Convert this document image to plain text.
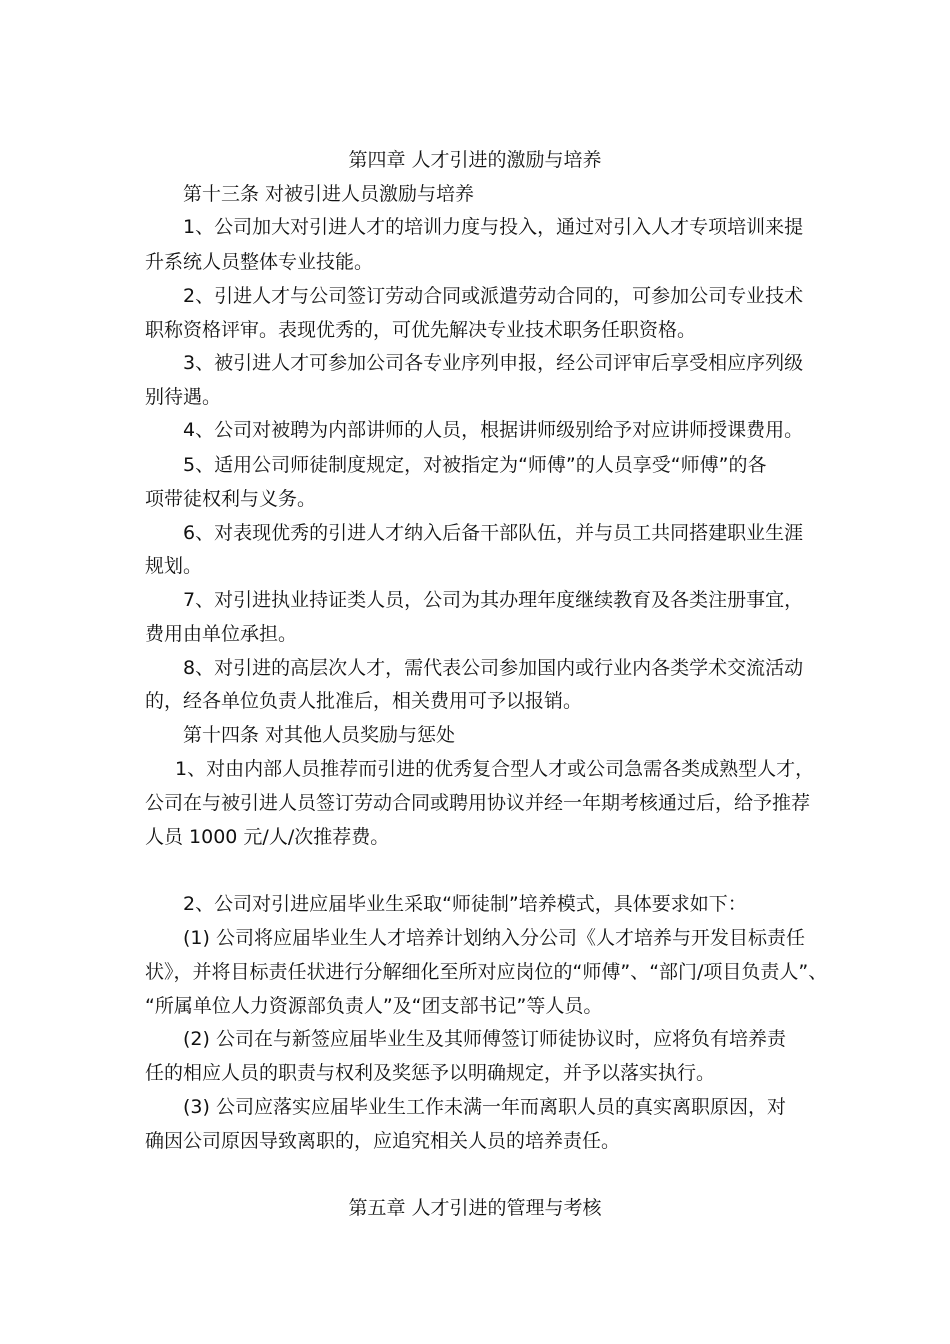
第四章 人才引进的激励与培养
第十三条 对被引进人员激励与培养
1、公司加大对引进人才的培训力度与投入，通过对引入人才专项培训来提
升系统人员整体专业技能。
2、引进人才与公司签订劳动合同或派遣劳动合同的，可参加公司专业技术
职称资格评审。表现优秀的，可优先解决专业技术职务任职资格。
3、被引进人才可参加公司各专业序列申报，经公司评审后享受相应序列级
别待遇。
4、公司对被聘为内部讲师的人员，根据讲师级别给予对应讲师授课费用。
5、适用公司师徒制度规定，对被指定为“师傅”的人员享受“师傅”的各
项带徒权利与义务。
6、对表现优秀的引进人才纳入后备干部队伍，并与员工共同搭建职业生涯
规划。
7、对引进执业持证类人员，公司为其办理年度继续教育及各类注册事宜，
费用由单位承担。
8、对引进的高层次人才，需代表公司参加国内或行业内各类学术交流活动
的，经各单位负责人批准后，相关费用可予以报销。
第十四条 对其他人员奖励与惩处
1、对由内部人员推荐而引进的优秀复合型人才或公司急需各类成熟型人才，
公司在与被引进人员签订劳动合同或聘用协议并经一年期考核通过后，给予推荐
人员 1000 元/人/次推荐费。
2、公司对引进应届毕业生采取“师徒制”培养模式，具体要求如下：
(1) 公司将应届毕业生人才培养计划纳入分公司《人才培养与开发目标责任
状》，并将目标责任状进行分解细化至所对应岗位的“师傅”、“部门/项目负责人”、
“所属单位人力资源部负责人”及“团支部书记”等人员。
(2) 公司在与新签应届毕业生及其师傅签订师徒协议时，应将负有培养责
任的相应人员的职责与权利及奖惩予以明确规定，并予以落实执行。
(3) 公司应落实应届毕业生工作未满一年而离职人员的真实离职原因，对
确因公司原因导致离职的，应追究相关人员的培养责任。
第五章 人才引进的管理与考核
